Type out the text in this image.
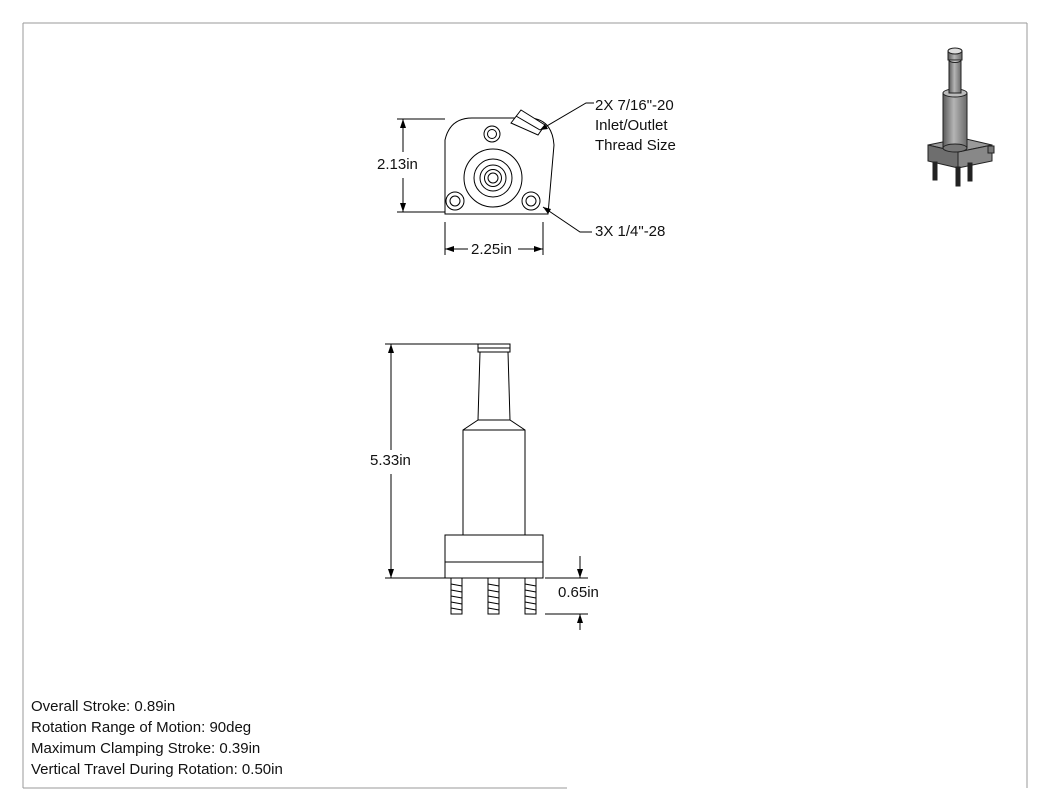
2X 7/16"-20
Inlet/Outlet
Thread Size
3X 1/4"-28
2.13in
2.25in
5.33in
0.65in
Overall Stroke: 0.89in
Rotation Range of Motion: 90deg
Maximum Clamping Stroke: 0.39in
Vertical Travel During Rotation: 0.50in
